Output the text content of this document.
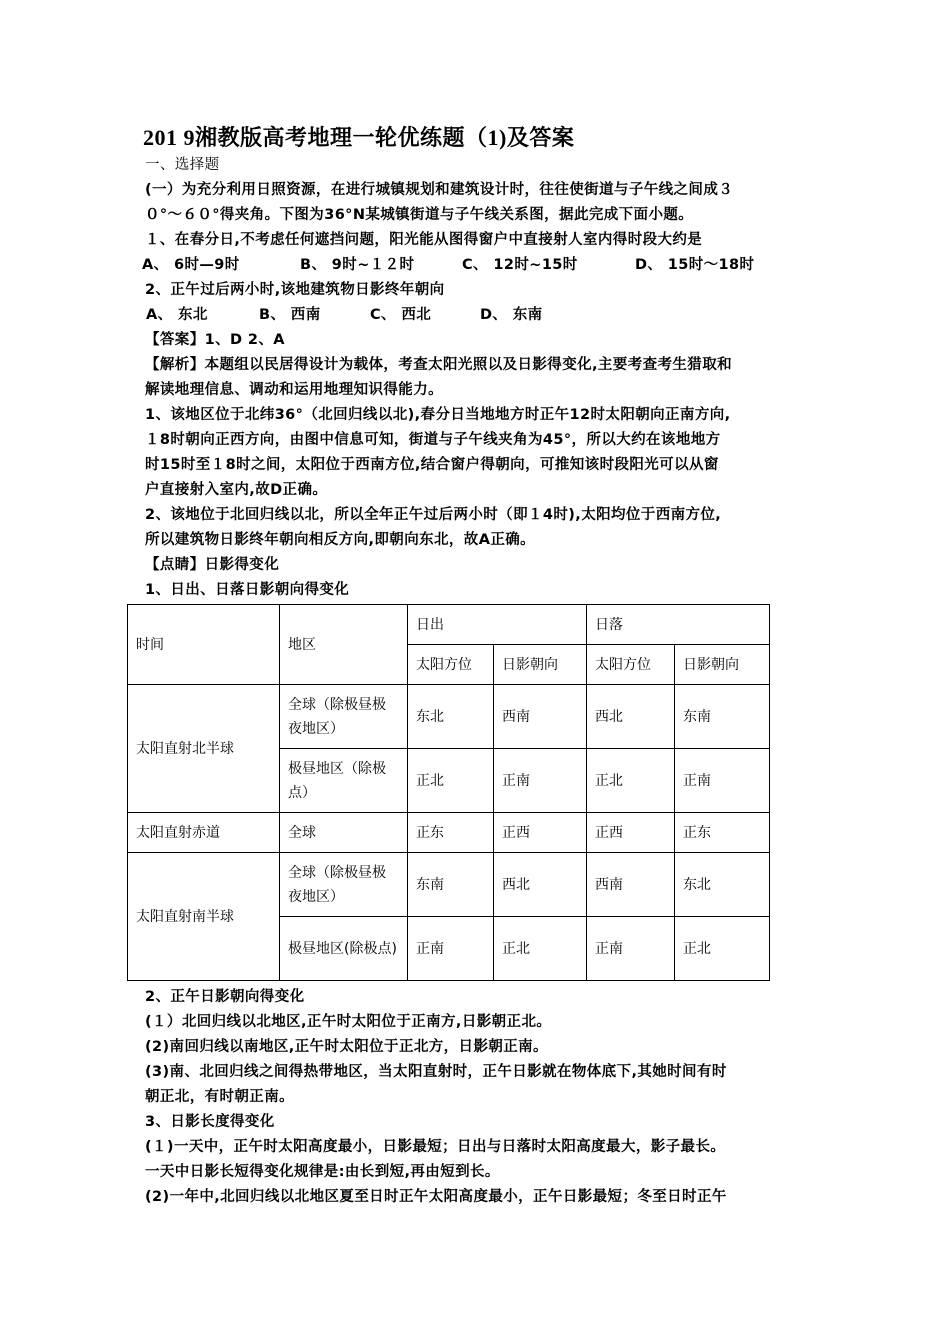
201 9湘教版高考地理一轮优练题（1)及答案
一、选择题
(一）为充分利用日照资源，在进行城镇规划和建筑设计时，往往使街道与子午线之间成３
０°～６０°得夹角。下图为36°N某城镇街道与子午线关系图，据此完成下面小题。
１、在春分日,不考虑任何遮挡问题，阳光能从图得窗户中直接射人室内得时段大约是
A、 6时—9时	B、 9时~１２时	C、 12时~15时	D、 15时～18时
2、正午过后两小时,该地建筑物日影终年朝向
A、 东北	B、 西南	C、 西北	D、 东南
【答案】1、D 2、A
【解析】本题组以民居得设计为载体，考查太阳光照以及日影得变化,主要考查考生猎取和
解读地理信息、调动和运用地理知识得能力。
1、该地区位于北纬36°（北回归线以北),春分日当地地方时正午12时太阳朝向正南方向,
１8时朝向正西方向，由图中信息可知，街道与子午线夹角为45°，所以大约在该地地方
时15时至１8时之间，太阳位于西南方位,结合窗户得朝向，可推知该时段阳光可以从窗
户直接射入室内,故D正确。
2、该地位于北回归线以北，所以全年正午过后两小时（即１4时),太阳均位于西南方位,
所以建筑物日影终年朝向相反方向,即朝向东北，故A正确。
【点睛】日影得变化
1、日出、日落日影朝向得变化
时间	地区	日出		日落	
		太阳方位	日影朝向	太阳方位	日影朝向
太阳直射北半球	全球（除极昼极夜地区）	东北	西南	西北	东南
	极昼地区（除极点）	正北	正南	正北	正南
太阳直射赤道	全球	正东	正西	正西	正东
太阳直射南半球	全球（除极昼极夜地区）	东南	西北	西南	东北
	极昼地区(除极点)	正南	正北	正南	正北
2、正午日影朝向得变化
(１）北回归线以北地区,正午时太阳位于正南方,日影朝正北。
(2)南回归线以南地区,正午时太阳位于正北方，日影朝正南。
(3)南、北回归线之间得热带地区，当太阳直射时，正午日影就在物体底下,其她时间有时
朝正北，有时朝正南。
3、日影长度得变化
(１)一天中，正午时太阳高度最小，日影最短；日出与日落时太阳高度最大，影子最长。
一天中日影长短得变化规律是:由长到短,再由短到长。
(2)一年中,北回归线以北地区夏至日时正午太阳高度最小，正午日影最短；冬至日时正午
